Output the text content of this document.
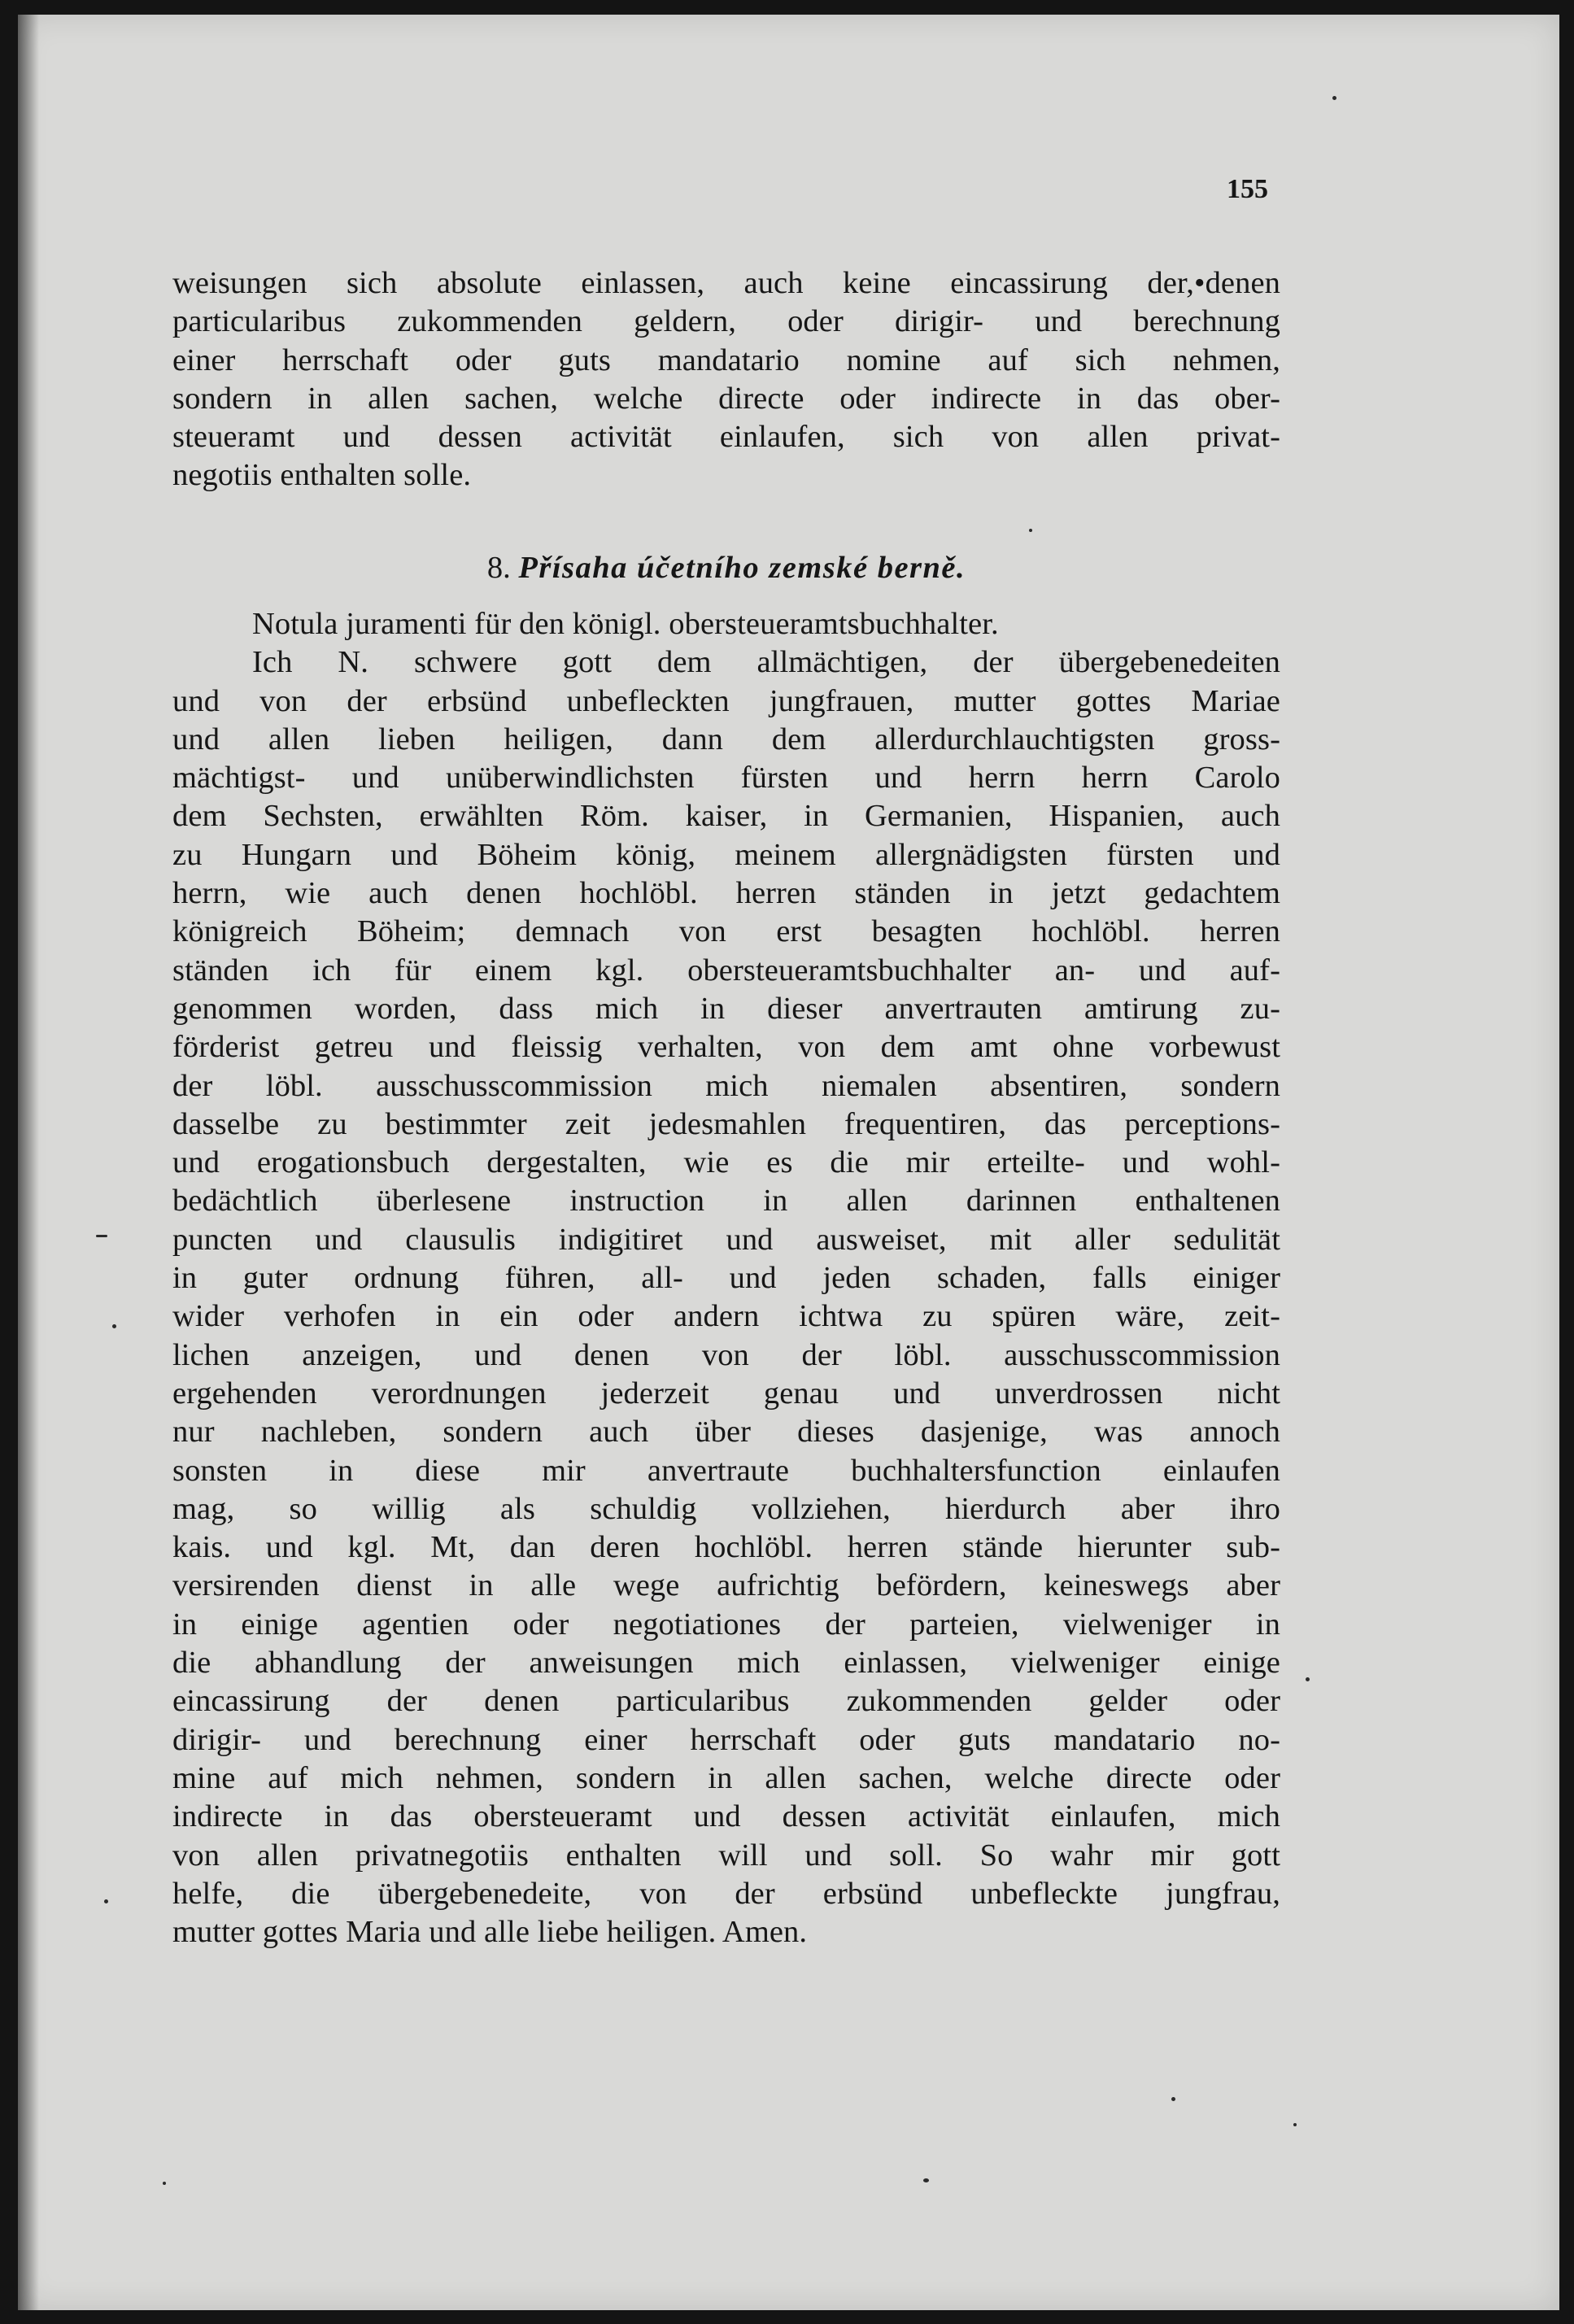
155

weisungen sich absolute einlassen, auch keine eincassirung der,•denen
particularibus zukommenden geldern, oder dirigir- und berechnung
einer herrschaft oder guts mandatario nomine auf sich nehmen,
sondern in allen sachen, welche directe oder indirecte in das ober-
steueramt und dessen activität einlaufen, sich von allen privat-
negotiis enthalten solle.

8. Přísaha účetního zemské berně.

Notula juramenti für den königl. obersteueramtsbuchhalter.
Ich N. schwere gott dem allmächtigen, der übergebenedeiten
und von der erbsünd unbefleckten jungfrauen, mutter gottes Mariae
und allen lieben heiligen, dann dem allerdurchlauchtigsten gross-
mächtigst- und unüberwindlichsten fürsten und herrn herrn Carolo
dem Sechsten, erwählten Röm. kaiser, in Germanien, Hispanien, auch
zu Hungarn und Böheim könig, meinem allergnädigsten fürsten und
herrn, wie auch denen hochlöbl. herren ständen in jetzt gedachtem
königreich Böheim; demnach von erst besagten hochlöbl. herren
ständen ich für einem kgl. obersteueramtsbuchhalter an- und auf-
genommen worden, dass mich in dieser anvertrauten amtirung zu-
förderist getreu und fleissig verhalten, von dem amt ohne vorbewust
der löbl. ausschusscommission mich niemalen absentiren, sondern
dasselbe zu bestimmter zeit jedesmahlen frequentiren, das perceptions-
und erogationsbuch dergestalten, wie es die mir erteilte- und wohl-
bedächtlich überlesene instruction in allen darinnen enthaltenen
puncten und clausulis indigitiret und ausweiset, mit aller sedulität
in guter ordnung führen, all- und jeden schaden, falls einiger
wider verhofen in ein oder andern ichtwa zu spüren wäre, zeit-
lichen anzeigen, und denen von der löbl. ausschusscommission
ergehenden verordnungen jederzeit genau und unverdrossen nicht
nur nachleben, sondern auch über dieses dasjenige, was annoch
sonsten in diese mir anvertraute buchhaltersfunction einlaufen
mag, so willig als schuldig vollziehen, hierdurch aber ihro
kais. und kgl. Mt, dan deren hochlöbl. herren stände hierunter sub-
versirenden dienst in alle wege aufrichtig befördern, keineswegs aber
in einige agentien oder negotiationes der parteien, vielweniger in
die abhandlung der anweisungen mich einlassen, vielweniger einige
eincassirung der denen particularibus zukommenden gelder oder
dirigir- und berechnung einer herrschaft oder guts mandatario no-
mine auf mich nehmen, sondern in allen sachen, welche directe oder
indirecte in das obersteueramt und dessen activität einlaufen, mich
von allen privatnegotiis enthalten will und soll. So wahr mir gott
helfe, die übergebenedeite, von der erbsünd unbefleckte jungfrau,
mutter gottes Maria und alle liebe heiligen. Amen.
